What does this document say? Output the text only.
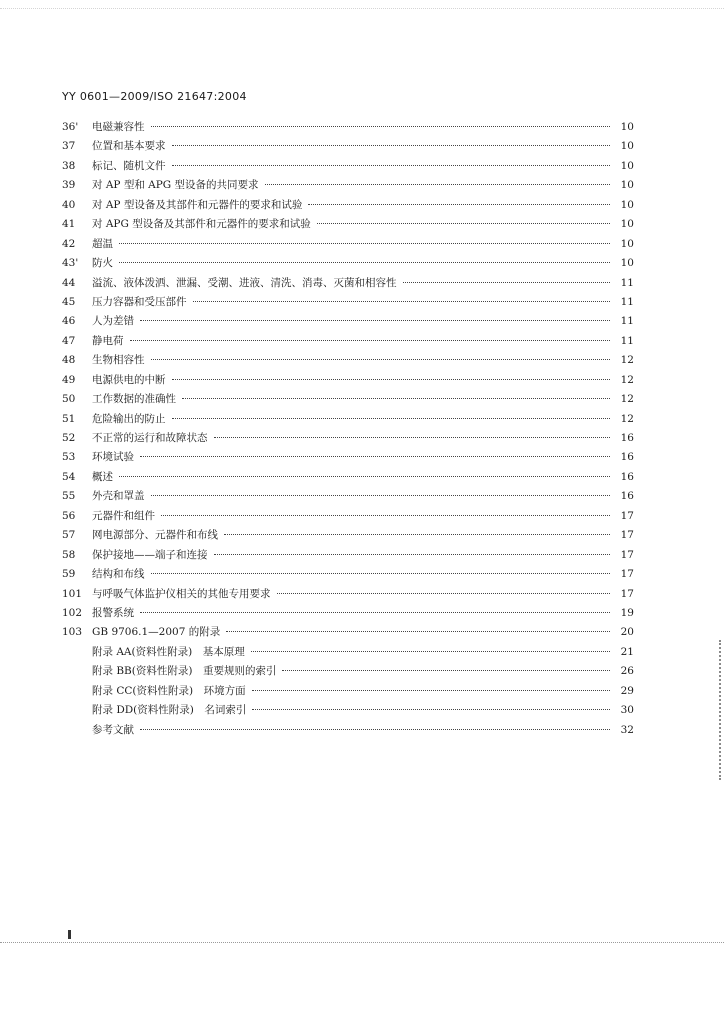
YY 0601—2009/ISO 21647:2004
36'	电磁兼容性	10
37	位置和基本要求	10
38	标记、随机文件	10
39	对 AP 型和 APG 型设备的共同要求	10
40	对 AP 型设备及其部件和元器件的要求和试验	10
41	对 APG 型设备及其部件和元器件的要求和试验	10
42	超温	10
43'	防火	10
44	溢流、液体泼洒、泄漏、受潮、进液、清洗、消毒、灭菌和相容性	11
45	压力容器和受压部件	11
46	人为差错	11
47	静电荷	11
48	生物相容性	12
49	电源供电的中断	12
50	工作数据的准确性	12
51	危险输出的防止	12
52	不正常的运行和故障状态	16
53	环境试验	16
54	概述	16
55	外壳和罩盖	16
56	元器件和组件	17
57	网电源部分、元器件和布线	17
58	保护接地——端子和连接	17
59	结构和布线	17
101 与呼吸气体监护仪相关的其他专用要求	17
102 报警系统	19
103 GB 9706.1—2007 的附录	20
附录 AA(资料性附录)　基本原理	21
附录 BB(资料性附录)　重要规则的索引	26
附录 CC(资料性附录)　环境方面	29
附录 DD(资料性附录)　名词索引	30
参考文献	32
